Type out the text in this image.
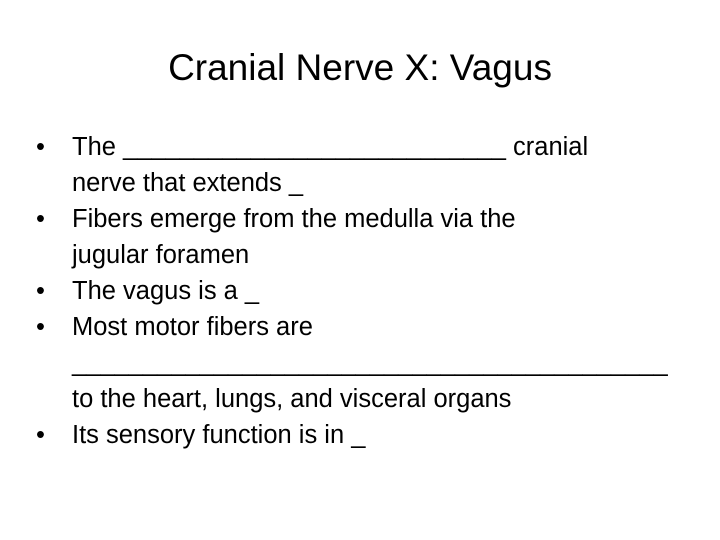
Cranial Nerve X: Vagus
•	The ___________________________ cranial
nerve that extends _
•	Fibers emerge from the medulla via the
jugular foramen
•	The vagus is a _
•	Most motor fibers are
__________________________________________
to the heart, lungs, and visceral organs
•	Its sensory function is in _
